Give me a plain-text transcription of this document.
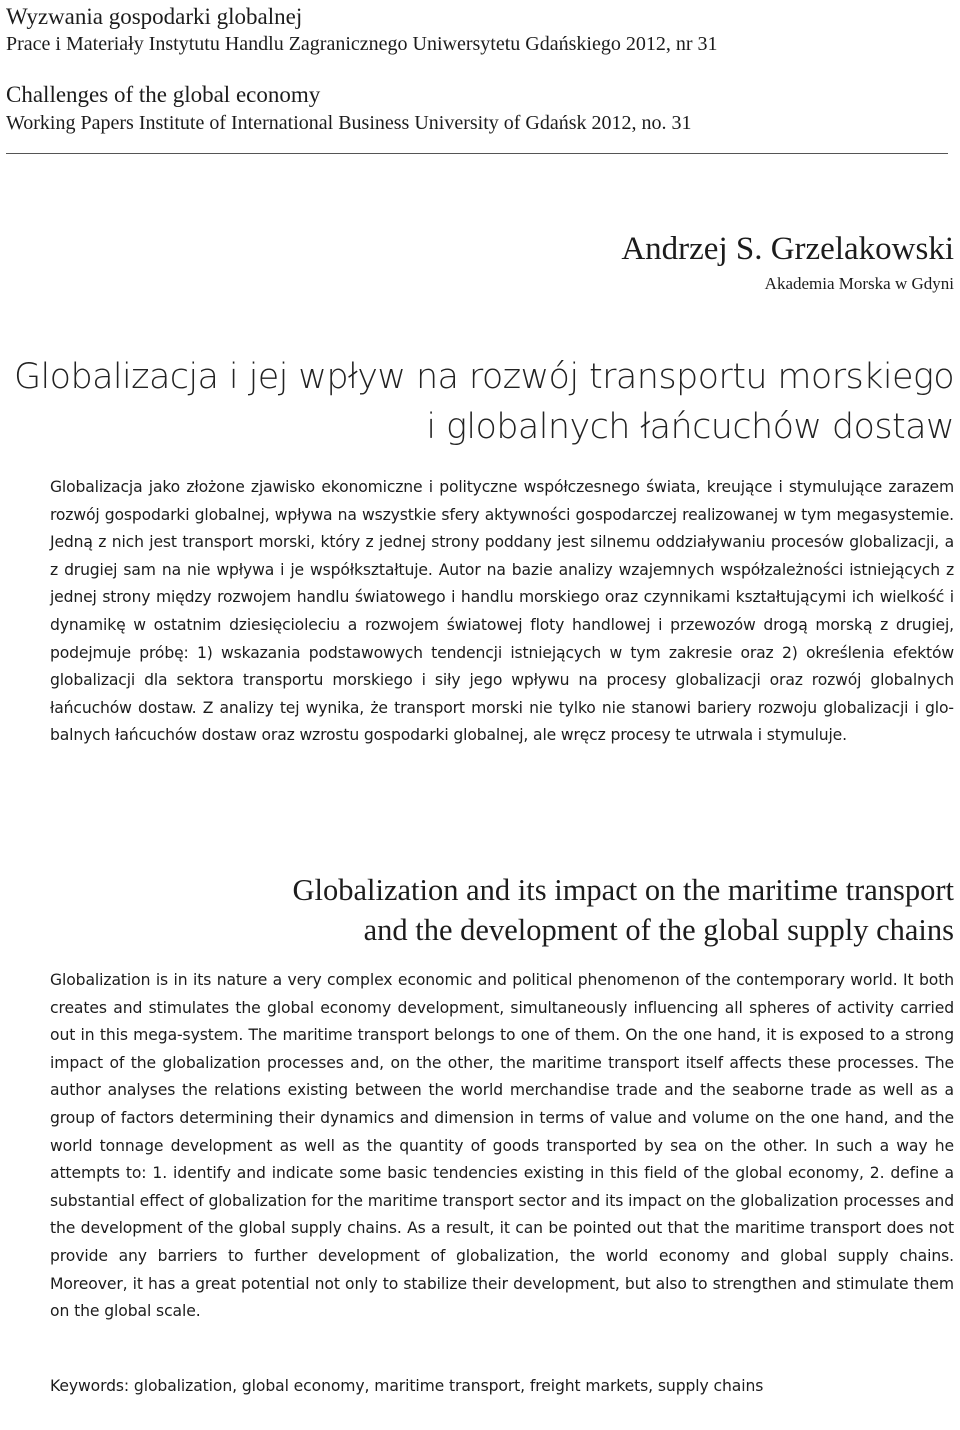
Wyzwania gospodarki globalnej

Prace i Materiały Instytutu Handlu Zagranicznego Uniwersytetu Gdańskiego 2012, nr 31

Challenges of the global economy

Working Papers Institute of International Business University of Gdańsk 2012, no. 31

Andrzej S. Grzelakowski
Akademia Morska w Gdyni
Globalizacja i jej wpływ na rozwój transportu morskiego
i globalnych łańcuchów dostaw
Globalizacja jako złożone zjawisko ekonomiczne i polityczne współczesnego świata, kreujące i stymulujące zarazem rozwój gospodarki globalnej, wpływa na wszystkie sfery aktywności gospodarczej realizowanej w tym megasystemie. Jedną z nich jest transport morski, który z jednej strony poddany jest silnemu oddziaływaniu procesów globalizacji, a z drugiej sam na nie wpływa i je współkształtuje. Autor na bazie analizy wzajemnych współzależności istniejących z jednej strony między rozwojem handlu światowego i handlu morskiego oraz czynnikami kształtującymi ich wielkość i dynamikę w ostatnim dziesięcioleciu a rozwojem światowej floty handlowej i przewozów drogą morską z drugiej, podejmuje próbę: 1) wskazania podstawowych tendencji istniejących w tym zakresie oraz 2) określenia efektów globalizacji dla sektora transportu morskiego i siły jego wpływu na procesy globalizacji oraz rozwój globalnych łańcuchów dostaw. Z analizy tej wynika, że transport morski nie tylko nie stanowi bariery rozwoju globalizacji i globalnych łańcuchów dostaw oraz wzrostu gospodarki globalnej, ale wręcz procesy te utrwala i stymuluje.
Globalization and its impact on the maritime transport
and the development of the global supply chains
Globalization is in its nature a very complex economic and political phenomenon of the contemporary world. It both creates and stimulates the global economy development, simultaneously influencing all spheres of activity carried out in this mega-system. The maritime transport belongs to one of them. On the one hand, it is exposed to a strong impact of the globalization processes and, on the other, the maritime transport itself affects these processes. The author analyses the relations existing between the world merchandise trade and the seaborne trade as well as a group of factors determining their dynamics and dimension in terms of value and volume on the one hand, and the world tonnage development as well as the quantity of goods transported by sea on the other. In such a way he attempts to: 1. identify and indicate some basic tendencies existing in this field of the global economy, 2. define a substantial effect of globalization for the maritime transport sector and its impact on the globalization processes and the development of the global supply chains. As a result, it can be pointed out that the maritime transport does not provide any barriers to further development of globalization, the world economy and global supply chains. Moreover, it has a great potential not only to stabilize their development, but also to strengthen and stimulate them on the global scale.
Keywords: globalization, global economy, maritime transport, freight markets, supply chains
